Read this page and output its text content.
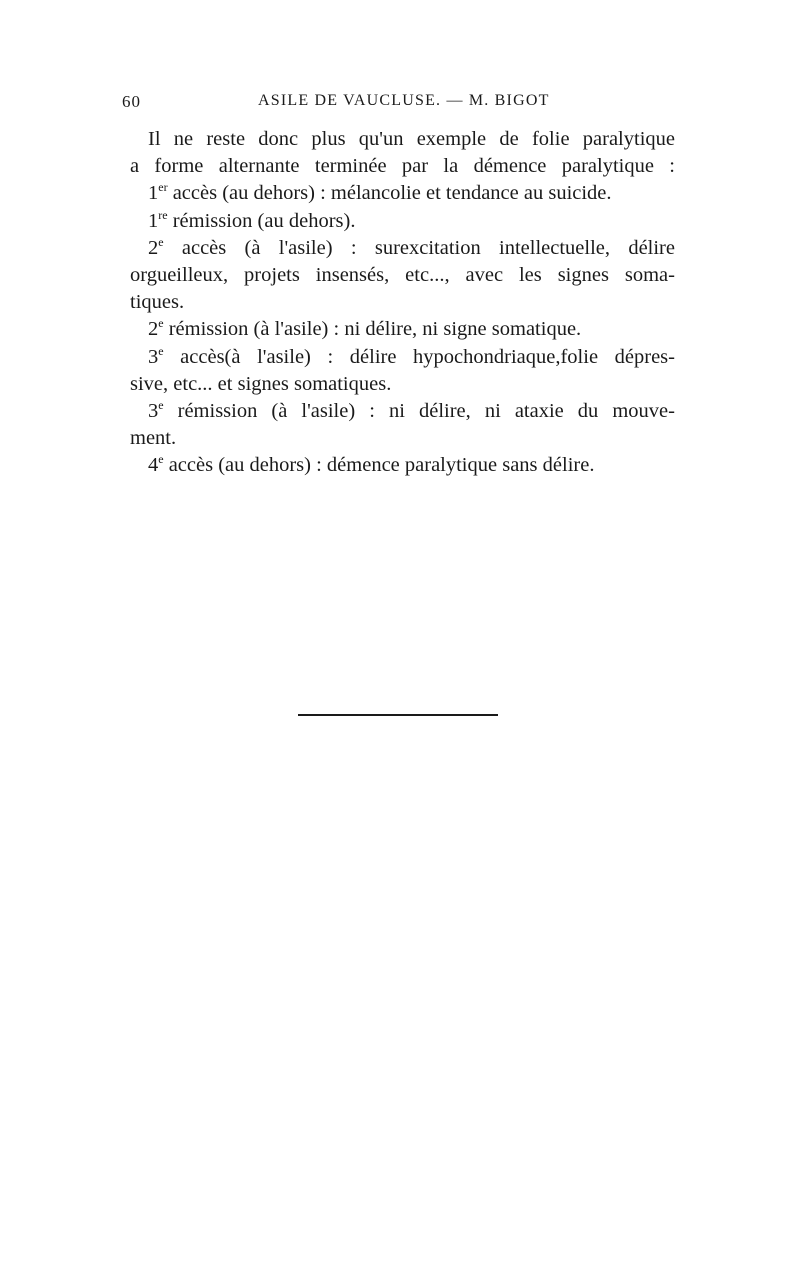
60	ASILE DE VAUCLUSE. — M. BIGOT
Il ne reste donc plus qu'un exemple de folie paralytique
a forme alternante terminée par la démence paralytique :
1er accès (au dehors) : mélancolie et tendance au suicide.
1re rémission (au dehors).
2e accès (à l'asile) : surexcitation intellectuelle, délire
orgueilleux, projets insensés, etc..., avec les signes soma-
tiques.
2e rémission (à l'asile) : ni délire, ni signe somatique.
3e accès(à l'asile) : délire hypochondriaque,folie dépres-
sive, etc... et signes somatiques.
3e rémission (à l'asile) : ni délire, ni ataxie du mouve-
ment.
4e accès (au dehors) : démence paralytique sans délire.
